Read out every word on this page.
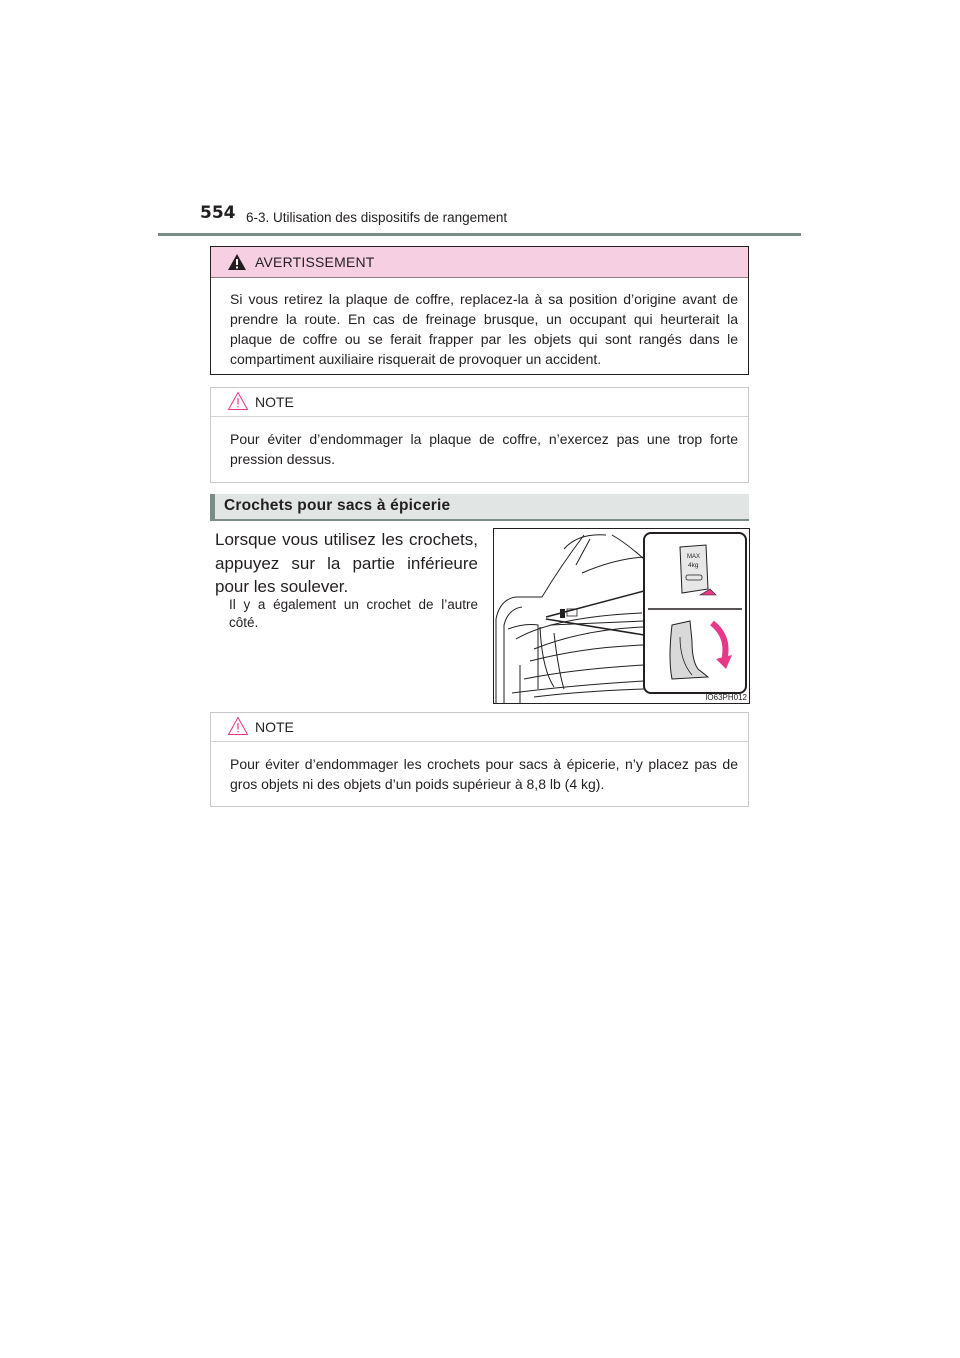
554 6-3. Utilisation des dispositifs de rangement
AVERTISSEMENT
Si vous retirez la plaque de coffre, replacez-la à sa position d’origine avant de prendre la route. En cas de freinage brusque, un occupant qui heurterait la plaque de coffre ou se ferait frapper par les objets qui sont rangés dans le compartiment auxiliaire risquerait de provoquer un accident.
NOTE
Pour éviter d’endommager la plaque de coffre, n’exercez pas une trop forte pression dessus.
Crochets pour sacs à épicerie
Lorsque vous utilisez les crochets, appuyez sur la partie inférieure pour les soulever.
Il y a également un crochet de l’autre côté.
MAX
4kg
IO63PH012
NOTE
Pour éviter d’endommager les crochets pour sacs à épicerie, n’y placez pas de gros objets ni des objets d’un poids supérieur à 8,8 lb (4 kg).
